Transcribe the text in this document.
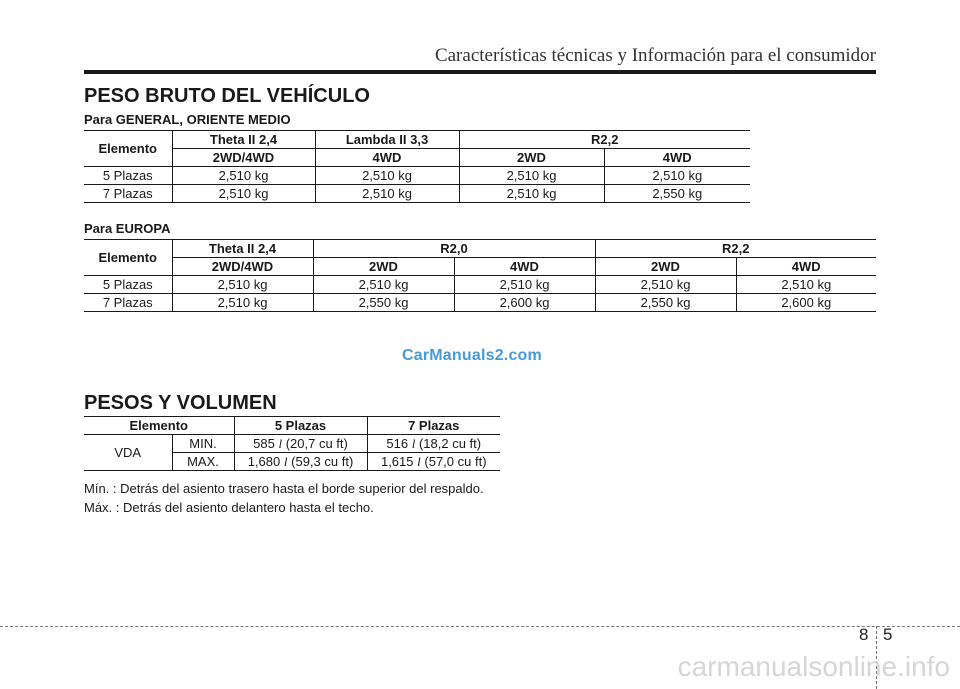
Características técnicas y Información para el consumidor
PESO BRUTO DEL VEHÍCULO
Para GENERAL, ORIENTE MEDIO
Elemento	Theta II 2,4	Lambda II 3,3	R2,2	
	2WD/4WD	4WD	2WD	4WD
5 Plazas	2,510 kg	2,510 kg	2,510 kg	2,510 kg
7 Plazas	2,510 kg	2,510 kg	2,510 kg	2,550 kg
Para EUROPA
Elemento	Theta II 2,4	R2,0		R2,2	
	2WD/4WD	2WD	4WD	2WD	4WD
5 Plazas	2,510 kg	2,510 kg	2,510 kg	2,510 kg	2,510 kg
7 Plazas	2,510 kg	2,550 kg	2,600 kg	2,550 kg	2,600 kg
CarManuals2.com
PESOS Y VOLUMEN
Elemento		5 Plazas	7 Plazas
VDA	MIN.	585 l (20,7 cu ft)	516 l (18,2 cu ft)
	MAX.	1,680 l (59,3 cu ft)	1,615 l (57,0 cu ft)
Mín. : Detrás del asiento trasero hasta el borde superior del respaldo.
Máx. : Detrás del asiento delantero hasta el techo.
8 5
carmanualsonline.info
